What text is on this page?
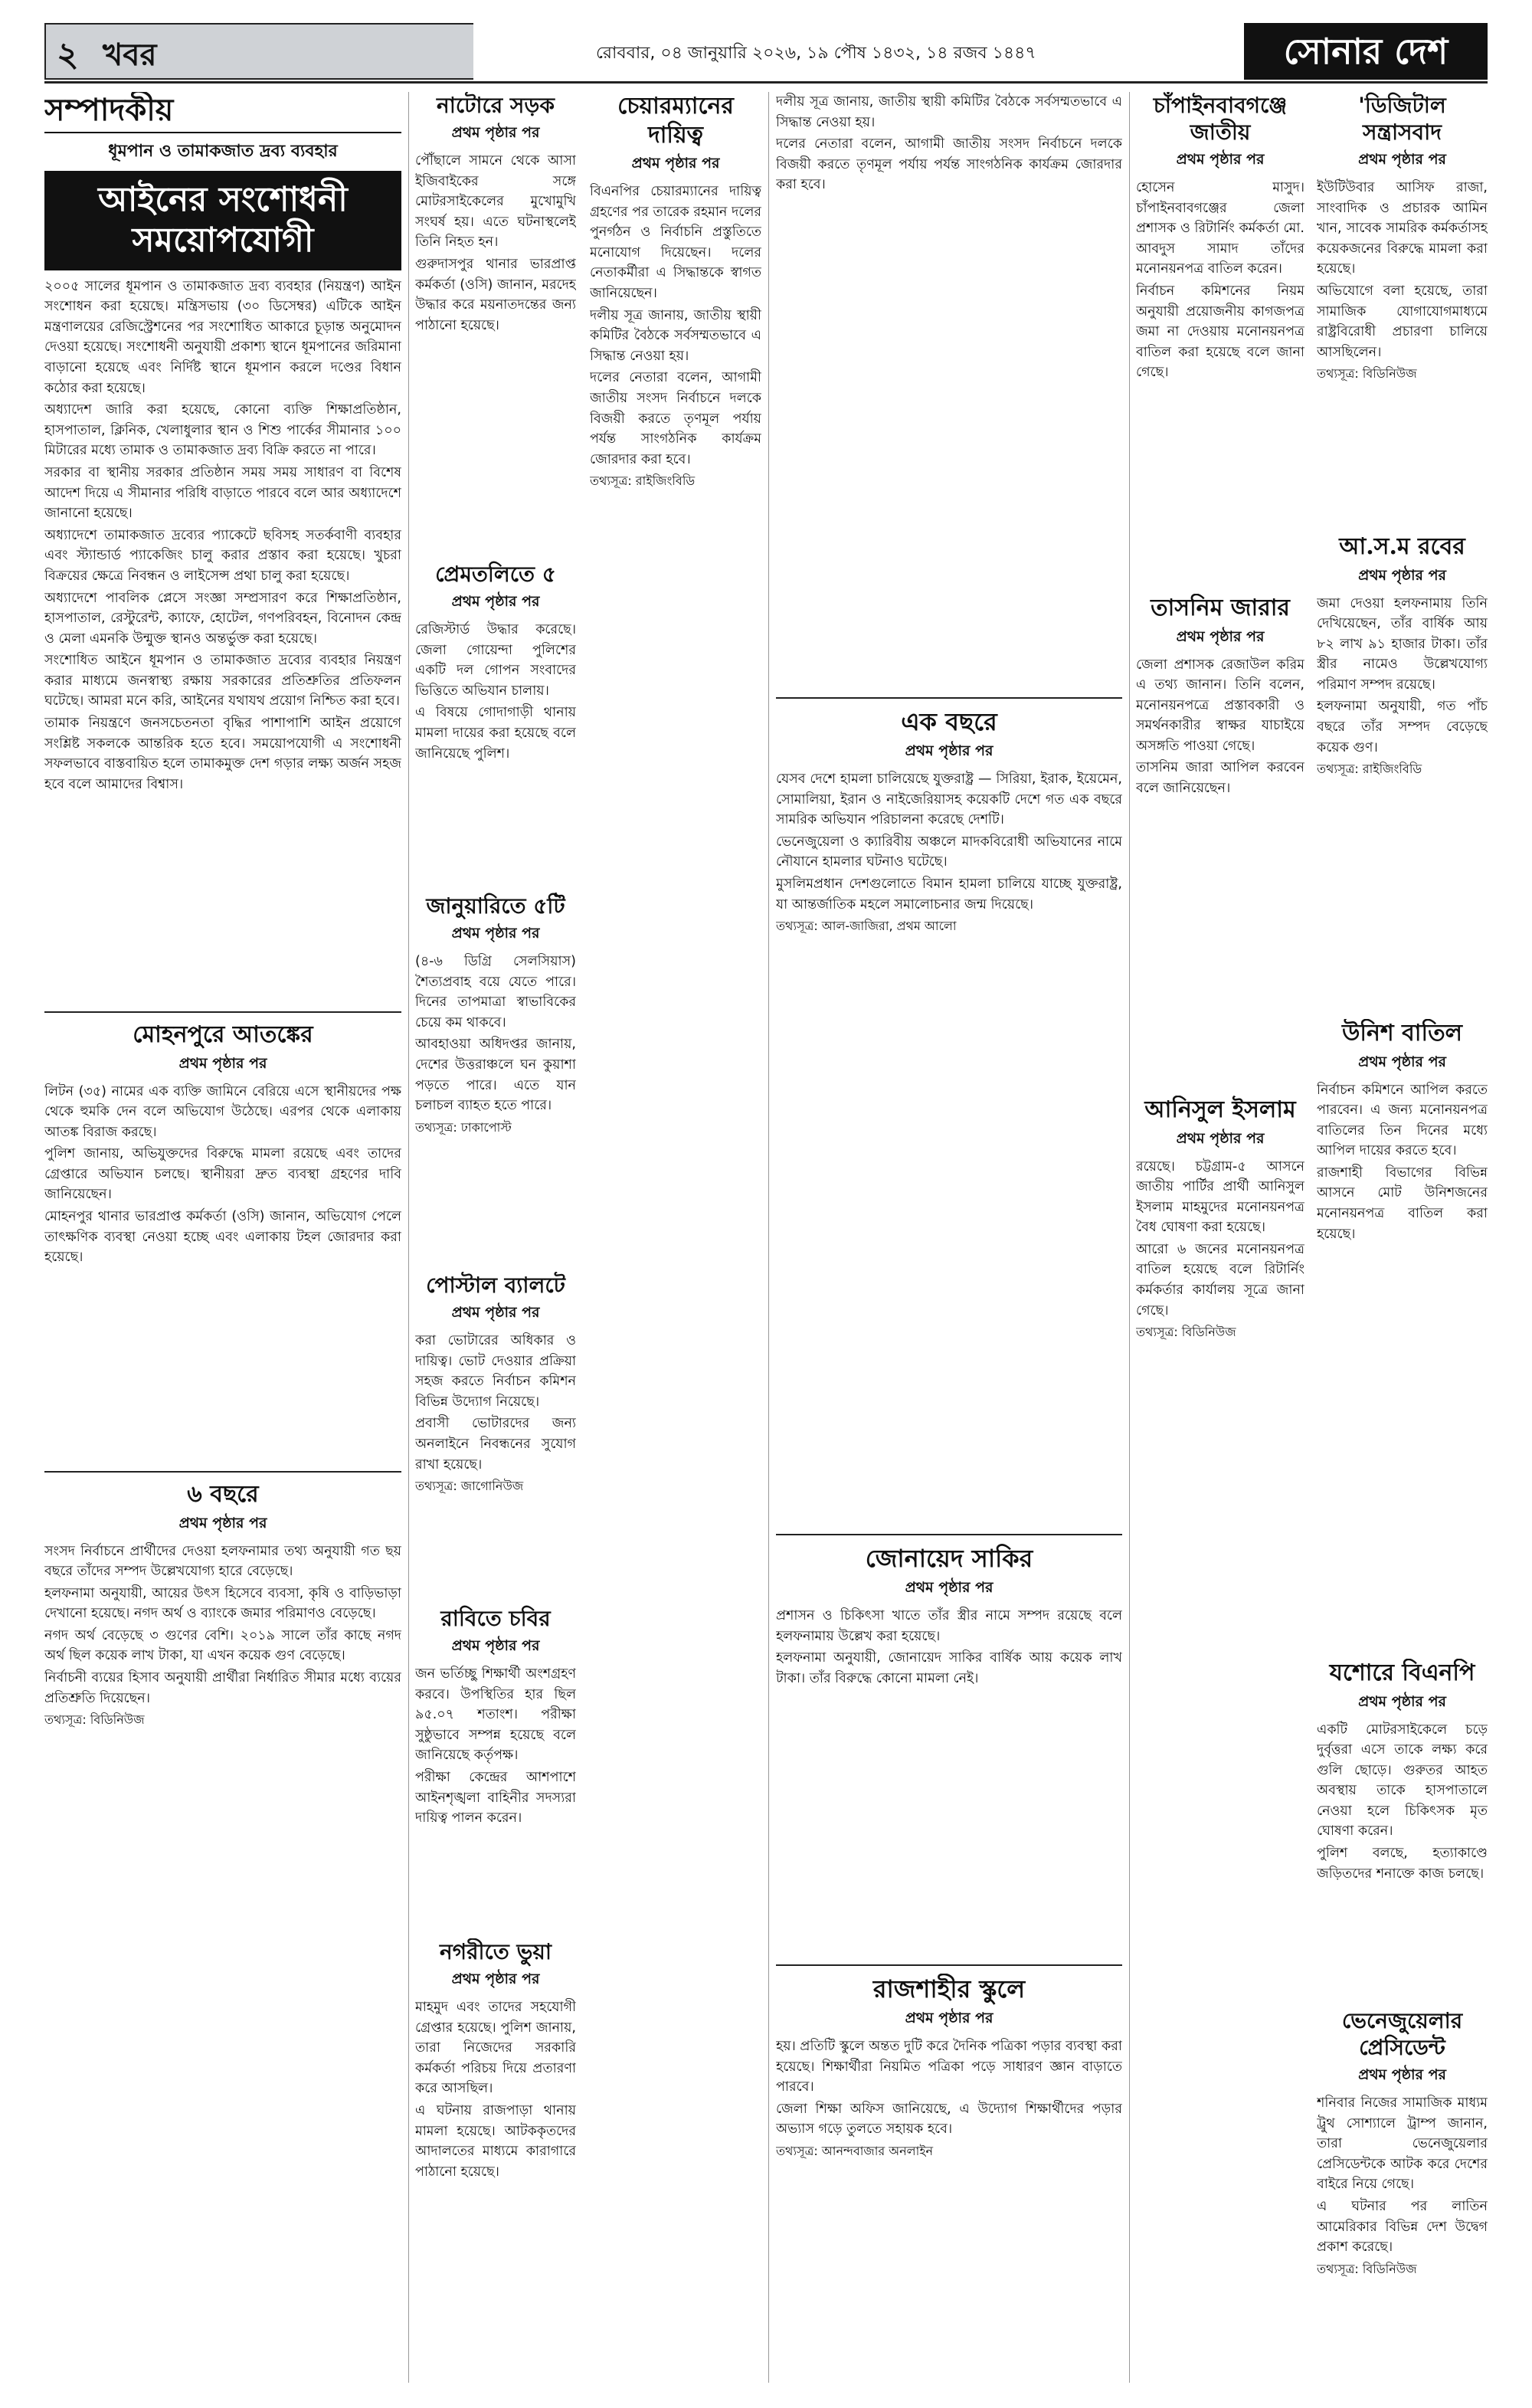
২ খবর	রোববার, ০৪ জানুয়ারি ২০২৬, ১৯ পৌষ ১৪৩২, ১৪ রজব ১৪৪৭	সোনার দেশ
সম্পাদকীয়
ধূমপান ও তামাকজাত দ্রব্য ব্যবহার
আইনের সংশোধনী সময়োপযোগী

২০০৫ সালের ধূমপান ও তামাকজাত দ্রব্য ব্যবহার (নিয়ন্ত্রণ) আইন সংশোধন করা হয়েছে। মন্ত্রিসভায় (৩০ ডিসেম্বর) এটিকে আইন মন্ত্রণালয়ের রেজিস্ট্রেশনের পর সংশোধিত আকারে চূড়ান্ত অনুমোদন দেওয়া হয়েছে। সংশোধনী অনুযায়ী প্রকাশ্য স্থানে ধূমপানের জরিমানা বাড়ানো হয়েছে এবং নির্দিষ্ট স্থানে ধূমপান করলে দণ্ডের বিধান কঠোর করা হয়েছে।

অধ্যাদেশ জারি করা হয়েছে, কোনো ব্যক্তি শিক্ষাপ্রতিষ্ঠান, হাসপাতাল, ক্লিনিক, খেলাধুলার স্থান ও শিশু পার্কের সীমানার ১০০ মিটারের মধ্যে তামাক ও তামাকজাত দ্রব্য বিক্রি করতে না পারে।

সরকার বা স্থানীয় সরকার প্রতিষ্ঠান সময় সময় সাধারণ বা বিশেষ আদেশ দিয়ে এ সীমানার পরিধি বাড়াতে পারবে বলে আর অধ্যাদেশে জানানো হয়েছে।

অধ্যাদেশে তামাকজাত দ্রব্যের প্যাকেটে ছবিসহ সতর্কবাণী ব্যবহার এবং স্ট্যান্ডার্ড প্যাকেজিং চালু করার প্রস্তাব করা হয়েছে। খুচরা বিক্রয়ের ক্ষেত্রে নিবন্ধন ও লাইসেন্স প্রথা চালু করা হয়েছে।

অধ্যাদেশে পাবলিক প্লেসে সংজ্ঞা সম্প্রসারণ করে শিক্ষাপ্রতিষ্ঠান, হাসপাতাল, রেস্টুরেন্ট, ক্যাফে, হোটেল, গণপরিবহন, বিনোদন কেন্দ্র ও মেলা এমনকি উন্মুক্ত স্থানও অন্তর্ভুক্ত করা হয়েছে।

সংশোধিত আইনে ধূমপান ও তামাকজাত দ্রব্যের ব্যবহার নিয়ন্ত্রণ করার মাধ্যমে জনস্বাস্থ্য রক্ষায় সরকারের প্রতিশ্রুতির প্রতিফলন ঘটেছে। আমরা মনে করি, আইনের যথাযথ প্রয়োগ নিশ্চিত করা হবে।

তামাক নিয়ন্ত্রণে জনসচেতনতা বৃদ্ধির পাশাপাশি আইন প্রয়োগে সংশ্লিষ্ট সকলকে আন্তরিক হতে হবে। সময়োপযোগী এ সংশোধনী সফলভাবে বাস্তবায়িত হলে তামাকমুক্ত দেশ গড়ার লক্ষ্য অর্জন সহজ হবে বলে আমাদের বিশ্বাস।

মোহনপুরে আতঙ্কের
প্রথম পৃষ্ঠার পর

লিটন (৩৫) নামের এক ব্যক্তি জামিনে বেরিয়ে এসে স্থানীয়দের পক্ষ থেকে হুমকি দেন বলে অভিযোগ উঠেছে। এরপর থেকে এলাকায় আতঙ্ক বিরাজ করছে।

পুলিশ জানায়, অভিযুক্তদের বিরুদ্ধে মামলা রয়েছে এবং তাদের গ্রেপ্তারে অভিযান চলছে। স্থানীয়রা দ্রুত ব্যবস্থা গ্রহণের দাবি জানিয়েছেন।

মোহনপুর থানার ভারপ্রাপ্ত কর্মকর্তা (ওসি) জানান, অভিযোগ পেলে তাৎক্ষণিক ব্যবস্থা নেওয়া হচ্ছে এবং এলাকায় টহল জোরদার করা হয়েছে।

৬ বছরে
প্রথম পৃষ্ঠার পর

সংসদ নির্বাচনে প্রার্থীদের দেওয়া হলফনামার তথ্য অনুযায়ী গত ছয় বছরে তাঁদের সম্পদ উল্লেখযোগ্য হারে বেড়েছে।

হলফনামা অনুযায়ী, আয়ের উৎস হিসেবে ব্যবসা, কৃষি ও বাড়িভাড়া দেখানো হয়েছে। নগদ অর্থ ও ব্যাংকে জমার পরিমাণও বেড়েছে।

নগদ অর্থ বেড়েছে ৩ গুণের বেশি। ২০১৯ সালে তাঁর কাছে নগদ অর্থ ছিল কয়েক লাখ টাকা, যা এখন কয়েক গুণ বেড়েছে।

নির্বাচনী ব্যয়ের হিসাব অনুযায়ী প্রার্থীরা নির্ধারিত সীমার মধ্যে ব্যয়ের প্রতিশ্রুতি দিয়েছেন।

তথ্যসূত্র: বিডিনিউজ
নাটোরে সড়ক
প্রথম পৃষ্ঠার পর

পৌঁছালে সামনে থেকে আসা ইজিবাইকের সঙ্গে মোটরসাইকেলের মুখোমুখি সংঘর্ষ হয়। এতে ঘটনাস্থলেই তিনি নিহত হন।

গুরুদাসপুর থানার ভারপ্রাপ্ত কর্মকর্তা (ওসি) জানান, মরদেহ উদ্ধার করে ময়নাতদন্তের জন্য পাঠানো হয়েছে।

প্রেমতলিতে ৫
প্রথম পৃষ্ঠার পর

রেজিস্টার্ড উদ্ধার করেছে। জেলা গোয়েন্দা পুলিশের একটি দল গোপন সংবাদের ভিত্তিতে অভিযান চালায়।

এ বিষয়ে গোদাগাড়ী থানায় মামলা দায়ের করা হয়েছে বলে জানিয়েছে পুলিশ।

জানুয়ারিতে ৫টি
প্রথম পৃষ্ঠার পর

(৪-৬ ডিগ্রি সেলসিয়াস) শৈত্যপ্রবাহ বয়ে যেতে পারে। দিনের তাপমাত্রা স্বাভাবিকের চেয়ে কম থাকবে।

আবহাওয়া অধিদপ্তর জানায়, দেশের উত্তরাঞ্চলে ঘন কুয়াশা পড়তে পারে। এতে যান চলাচল ব্যাহত হতে পারে।

তথ্যসূত্র: ঢাকাপোস্ট
পোস্টাল ব্যালটে
প্রথম পৃষ্ঠার পর

করা ভোটারের অধিকার ও দায়িত্ব। ভোট দেওয়ার প্রক্রিয়া সহজ করতে নির্বাচন কমিশন বিভিন্ন উদ্যোগ নিয়েছে।

প্রবাসী ভোটারদের জন্য অনলাইনে নিবন্ধনের সুযোগ রাখা হয়েছে।

তথ্যসূত্র: জাগোনিউজ
রাবিতে চবির
প্রথম পৃষ্ঠার পর

জন ভর্তিচ্ছু শিক্ষার্থী অংশগ্রহণ করবে। উপস্থিতির হার ছিল ৯৫.০৭ শতাংশ। পরীক্ষা সুষ্ঠুভাবে সম্পন্ন হয়েছে বলে জানিয়েছে কর্তৃপক্ষ।

পরীক্ষা কেন্দ্রের আশপাশে আইনশৃঙ্খলা বাহিনীর সদস্যরা দায়িত্ব পালন করেন।

নগরীতে ভুয়া
প্রথম পৃষ্ঠার পর

মাহমুদ এবং তাদের সহযোগী গ্রেপ্তার হয়েছে। পুলিশ জানায়, তারা নিজেদের সরকারি কর্মকর্তা পরিচয় দিয়ে প্রতারণা করে আসছিল।

এ ঘটনায় রাজপাড়া থানায় মামলা হয়েছে। আটককৃতদের আদালতের মাধ্যমে কারাগারে পাঠানো হয়েছে।

চেয়ারম্যানের দায়িত্ব
প্রথম পৃষ্ঠার পর

বিএনপির চেয়ারম্যানের দায়িত্ব গ্রহণের পর তারেক রহমান দলের পুনর্গঠন ও নির্বাচনি প্রস্তুতিতে মনোযোগ দিয়েছেন। দলের নেতাকর্মীরা এ সিদ্ধান্তকে স্বাগত জানিয়েছেন।

দলীয় সূত্র জানায়, জাতীয় স্থায়ী কমিটির বৈঠকে সর্বসম্মতভাবে এ সিদ্ধান্ত নেওয়া হয়।

দলের নেতারা বলেন, আগামী জাতীয় সংসদ নির্বাচনে দলকে বিজয়ী করতে তৃণমূল পর্যায় পর্যন্ত সাংগঠনিক কার্যক্রম জোরদার করা হবে।

তথ্যসূত্র: রাইজিংবিডি

দলীয় সূত্র জানায়, জাতীয় স্থায়ী কমিটির বৈঠকে সর্বসম্মতভাবে এ সিদ্ধান্ত নেওয়া হয়।

দলের নেতারা বলেন, আগামী জাতীয় সংসদ নির্বাচনে দলকে বিজয়ী করতে তৃণমূল পর্যায় পর্যন্ত সাংগঠনিক কার্যক্রম জোরদার করা হবে।

এক বছরে
প্রথম পৃষ্ঠার পর

যেসব দেশে হামলা চালিয়েছে যুক্তরাষ্ট্র — সিরিয়া, ইরাক, ইয়েমেন, সোমালিয়া, ইরান ও নাইজেরিয়াসহ কয়েকটি দেশে গত এক বছরে সামরিক অভিযান পরিচালনা করেছে দেশটি।

ভেনেজুয়েলা ও ক্যারিবীয় অঞ্চলে মাদকবিরোধী অভিযানের নামে নৌযানে হামলার ঘটনাও ঘটেছে।

মুসলিমপ্রধান দেশগুলোতে বিমান হামলা চালিয়ে যাচ্ছে যুক্তরাষ্ট্র, যা আন্তর্জাতিক মহলে সমালোচনার জন্ম দিয়েছে।

তথ্যসূত্র: আল-জাজিরা, প্রথম আলো
জোনায়েদ সাকির
প্রথম পৃষ্ঠার পর

প্রশাসন ও চিকিৎসা খাতে তাঁর স্ত্রীর নামে সম্পদ রয়েছে বলে হলফনামায় উল্লেখ করা হয়েছে।

হলফনামা অনুযায়ী, জোনায়েদ সাকির বার্ষিক আয় কয়েক লাখ টাকা। তাঁর বিরুদ্ধে কোনো মামলা নেই।

রাজশাহীর স্কুলে
প্রথম পৃষ্ঠার পর

হয়। প্রতিটি স্কুলে অন্তত দুটি করে দৈনিক পত্রিকা পড়ার ব্যবস্থা করা হয়েছে। শিক্ষার্থীরা নিয়মিত পত্রিকা পড়ে সাধারণ জ্ঞান বাড়াতে পারবে।

জেলা শিক্ষা অফিস জানিয়েছে, এ উদ্যোগ শিক্ষার্থীদের পড়ার অভ্যাস গড়ে তুলতে সহায়ক হবে।

তথ্যসূত্র: আনন্দবাজার অনলাইন
চাঁপাইনবাবগঞ্জে জাতীয়
প্রথম পৃষ্ঠার পর

হোসেন মাসুদ। চাঁপাইনবাবগঞ্জের জেলা প্রশাসক ও রিটার্নিং কর্মকর্তা মো. আবদুস সামাদ তাঁদের মনোনয়নপত্র বাতিল করেন।

নির্বাচন কমিশনের নিয়ম অনুযায়ী প্রয়োজনীয় কাগজপত্র জমা না দেওয়ায় মনোনয়নপত্র বাতিল করা হয়েছে বলে জানা গেছে।

তাসনিম জারার
প্রথম পৃষ্ঠার পর

জেলা প্রশাসক রেজাউল করিম এ তথ্য জানান। তিনি বলেন, মনোনয়নপত্রে প্রস্তাবকারী ও সমর্থনকারীর স্বাক্ষর যাচাইয়ে অসঙ্গতি পাওয়া গেছে।

তাসনিম জারা আপিল করবেন বলে জানিয়েছেন।

আনিসুল ইসলাম
প্রথম পৃষ্ঠার পর

রয়েছে। চট্টগ্রাম-৫ আসনে জাতীয় পার্টির প্রার্থী আনিসুল ইসলাম মাহমুদের মনোনয়নপত্র বৈধ ঘোষণা করা হয়েছে।

আরো ৬ জনের মনোনয়নপত্র বাতিল হয়েছে বলে রিটার্নিং কর্মকর্তার কার্যালয় সূত্রে জানা গেছে।

তথ্যসূত্র: বিডিনিউজ
'ডিজিটাল সন্ত্রাসবাদ
প্রথম পৃষ্ঠার পর

ইউটিউবার আসিফ রাজা, সাংবাদিক ও প্রচারক আমিন খান, সাবেক সামরিক কর্মকর্তাসহ কয়েকজনের বিরুদ্ধে মামলা করা হয়েছে।

অভিযোগে বলা হয়েছে, তারা সামাজিক যোগাযোগমাধ্যমে রাষ্ট্রবিরোধী প্রচারণা চালিয়ে আসছিলেন।

তথ্যসূত্র: বিডিনিউজ
আ.স.ম রবের
প্রথম পৃষ্ঠার পর

জমা দেওয়া হলফনামায় তিনি দেখিয়েছেন, তাঁর বার্ষিক আয় ৮২ লাখ ৯১ হাজার টাকা। তাঁর স্ত্রীর নামেও উল্লেখযোগ্য পরিমাণ সম্পদ রয়েছে।

হলফনামা অনুযায়ী, গত পাঁচ বছরে তাঁর সম্পদ বেড়েছে কয়েক গুণ।

তথ্যসূত্র: রাইজিংবিডি
উনিশ বাতিল
প্রথম পৃষ্ঠার পর

নির্বাচন কমিশনে আপিল করতে পারবেন। এ জন্য মনোনয়নপত্র বাতিলের তিন দিনের মধ্যে আপিল দায়ের করতে হবে।

রাজশাহী বিভাগের বিভিন্ন আসনে মোট উনিশজনের মনোনয়নপত্র বাতিল করা হয়েছে।

যশোরে বিএনপি
প্রথম পৃষ্ঠার পর

একটি মোটরসাইকেলে চড়ে দুর্বৃত্তরা এসে তাকে লক্ষ্য করে গুলি ছোড়ে। গুরুতর আহত অবস্থায় তাকে হাসপাতালে নেওয়া হলে চিকিৎসক মৃত ঘোষণা করেন।

পুলিশ বলছে, হত্যাকাণ্ডে জড়িতদের শনাক্তে কাজ চলছে।

ভেনেজুয়েলার প্রেসিডেন্ট
প্রথম পৃষ্ঠার পর

শনিবার নিজের সামাজিক মাধ্যম ট্রুথ সোশ্যালে ট্রাম্প জানান, তারা ভেনেজুয়েলার প্রেসিডেন্টকে আটক করে দেশের বাইরে নিয়ে গেছে।

এ ঘটনার পর লাতিন আমেরিকার বিভিন্ন দেশ উদ্বেগ প্রকাশ করেছে।

তথ্যসূত্র: বিডিনিউজ
